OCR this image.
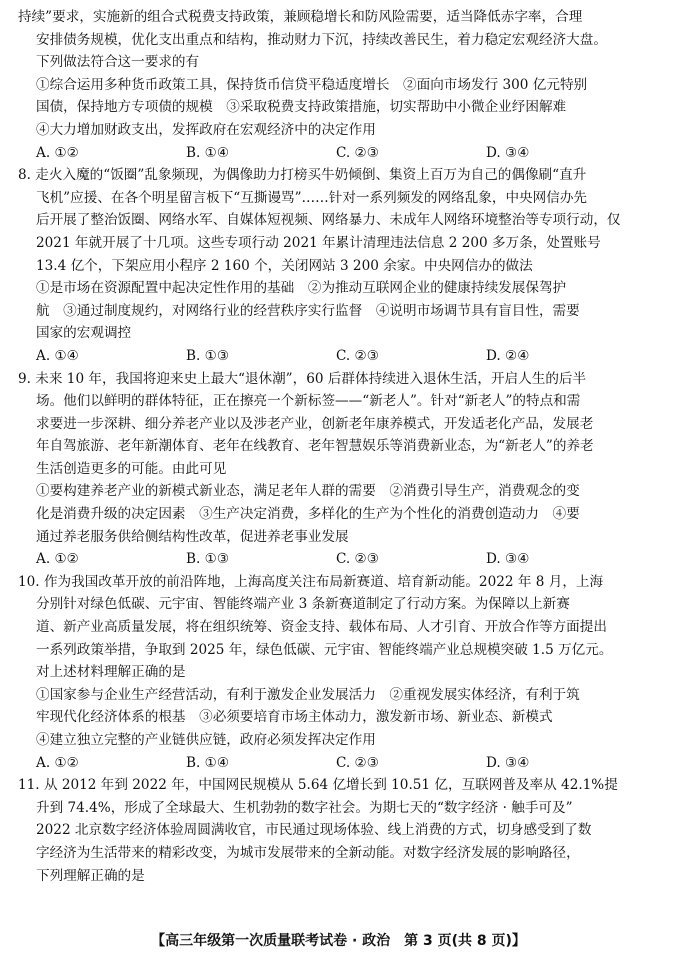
持续”要求，实施新的组合式税费支持政策，兼顾稳增长和防风险需要，适当降低赤字率，合理
安排债务规模，优化支出重点和结构，推动财力下沉，持续改善民生，着力稳定宏观经济大盘。
下列做法符合这一要求的有
①综合运用多种货币政策工具，保持货币信贷平稳适度增长　②面向市场发行 300 亿元特别
国债，保持地方专项债的规模　③采取税费支持政策措施，切实帮助中小微企业纾困解难
④大力增加财政支出，发挥政府在宏观经济中的决定作用
A. ①②	B. ①④	C. ②③	D. ③④
8. 走火入魔的“饭圈”乱象频现，为偶像助力打榜买牛奶倾倒、集资上百万为自己的偶像刷“直升
飞机”应援、在各个明星留言板下“互撕谩骂”……针对一系列频发的网络乱象，中央网信办先
后开展了整治饭圈、网络水军、自媒体短视频、网络暴力、未成年人网络环境整治等专项行动，仅
2021 年就开展了十几项。这些专项行动 2021 年累计清理违法信息 2 200 多万条，处置账号
13.4 亿个，下架应用小程序 2 160 个，关闭网站 3 200 余家。中央网信办的做法
①是市场在资源配置中起决定性作用的基础　②为推动互联网企业的健康持续发展保驾护
航　③通过制度规约，对网络行业的经营秩序实行监督　④说明市场调节具有盲目性，需要
国家的宏观调控
A. ①④	B. ①③	C. ②③	D. ②④
9. 未来 10 年，我国将迎来史上最大“退休潮”，60 后群体持续进入退休生活，开启人生的后半
场。他们以鲜明的群体特征，正在擦亮一个新标签——“新老人”。针对“新老人”的特点和需
求要进一步深耕、细分养老产业以及涉老产业，创新老年康养模式，开发适老化产品，发展老
年自驾旅游、老年新潮体育、老年在线教育、老年智慧娱乐等消费新业态，为“新老人”的养老
生活创造更多的可能。由此可见
①要构建养老产业的新模式新业态，满足老年人群的需要　②消费引导生产，消费观念的变
化是消费升级的决定因素　③生产决定消费，多样化的生产为个性化的消费创造动力　④要
通过养老服务供给侧结构性改革，促进养老事业发展
A. ①②	B. ①③	C. ②③	D. ③④
10. 作为我国改革开放的前沿阵地，上海高度关注布局新赛道、培育新动能。2022 年 8 月，上海
分别针对绿色低碳、元宇宙、智能终端产业 3 条新赛道制定了行动方案。为保障以上新赛
道、新产业高质量发展，将在组织统筹、资金支持、载体布局、人才引育、开放合作等方面提出
一系列政策举措，争取到 2025 年，绿色低碳、元宇宙、智能终端产业总规模突破 1.5 万亿元。
对上述材料理解正确的是
①国家参与企业生产经营活动，有利于激发企业发展活力　②重视发展实体经济，有利于筑
牢现代化经济体系的根基　③必须要培育市场主体动力，激发新市场、新业态、新模式
④建立独立完整的产业链供应链，政府必须发挥决定作用
A. ①②	B. ①④	C. ②③	D. ③④
11. 从 2012 年到 2022 年，中国网民规模从 5.64 亿增长到 10.51 亿，互联网普及率从 42.1%提
升到 74.4%，形成了全球最大、生机勃勃的数字社会。为期七天的“数字经济 · 触手可及”
2022 北京数字经济体验周圆满收官，市民通过现场体验、线上消费的方式，切身感受到了数
字经济为生活带来的精彩改变，为城市发展带来的全新动能。对数字经济发展的影响路径，
下列理解正确的是
【高三年级第一次质量联考试卷 · 政治　第 3 页(共 8 页)】
